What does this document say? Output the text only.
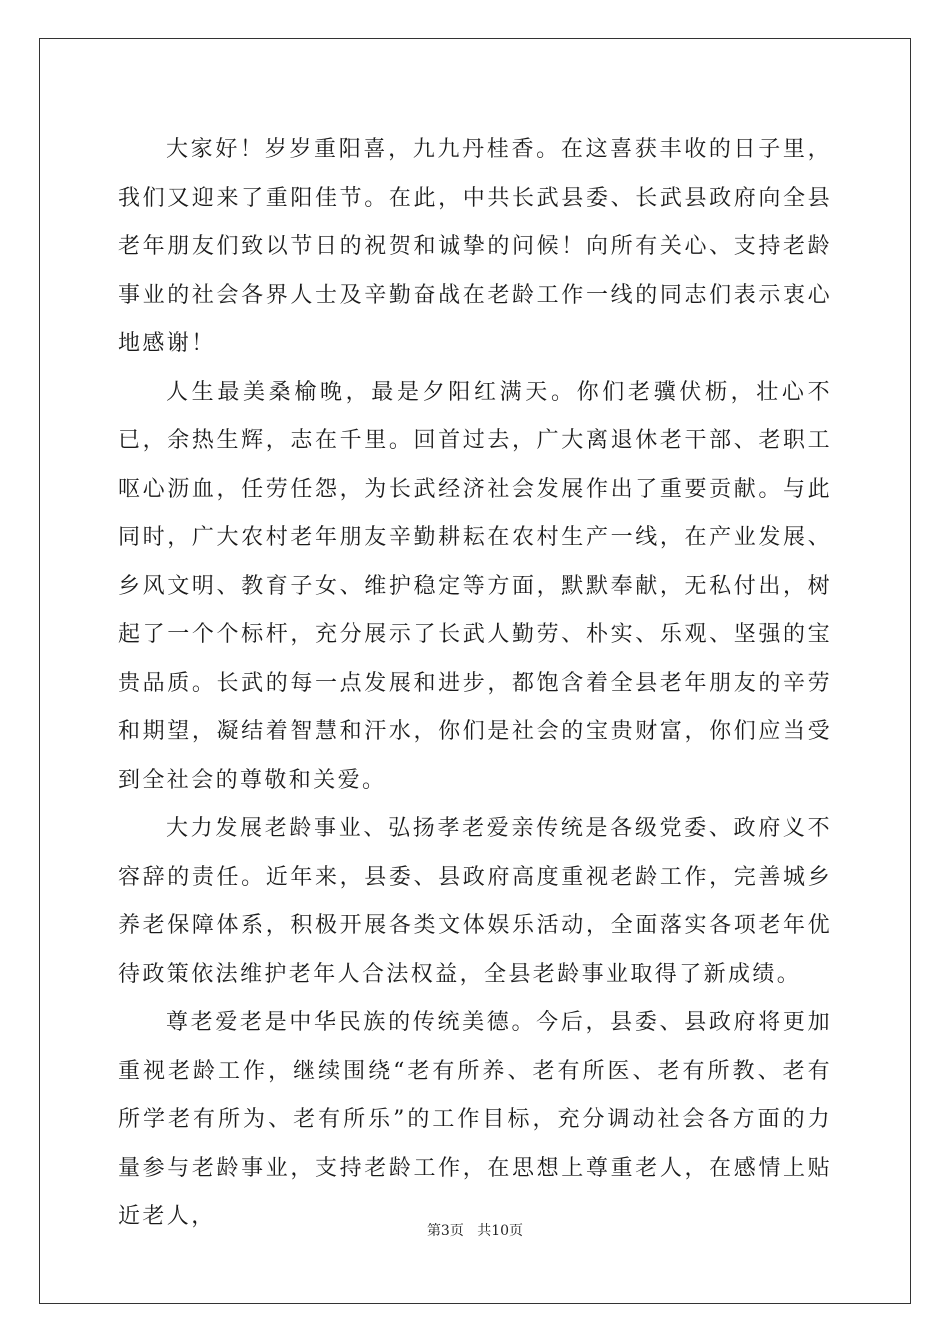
大家好！岁岁重阳喜，九九丹桂香。在这喜获丰收的日子里，我们又迎来了重阳佳节。在此，中共长武县委、长武县政府向全县老年朋友们致以节日的祝贺和诚挚的问候！向所有关心、支持老龄事业的社会各界人士及辛勤奋战在老龄工作一线的同志们表示衷心地感谢！

人生最美桑榆晚，最是夕阳红满天。你们老骥伏枥，壮心不已，余热生辉，志在千里。回首过去，广大离退休老干部、老职工呕心沥血，任劳任怨，为长武经济社会发展作出了重要贡献。与此同时，广大农村老年朋友辛勤耕耘在农村生产一线，在产业发展、乡风文明、教育子女、维护稳定等方面，默默奉献，无私付出，树起了一个个标杆，充分展示了长武人勤劳、朴实、乐观、坚强的宝贵品质。长武的每一点发展和进步，都饱含着全县老年朋友的辛劳和期望，凝结着智慧和汗水，你们是社会的宝贵财富，你们应当受到全社会的尊敬和关爱。

大力发展老龄事业、弘扬孝老爱亲传统是各级党委、政府义不容辞的责任。近年来，县委、县政府高度重视老龄工作，完善城乡养老保障体系，积极开展各类文体娱乐活动，全面落实各项老年优待政策依法维护老年人合法权益，全县老龄事业取得了新成绩。

尊老爱老是中华民族的传统美德。今后，县委、县政府将更加重视老龄工作，继续围绕“老有所养、老有所医、老有所教、老有所学老有所为、老有所乐”的工作目标，充分调动社会各方面的力量参与老龄事业，支持老龄工作，在思想上尊重老人，在感情上贴近老人，

第3页 共10页
